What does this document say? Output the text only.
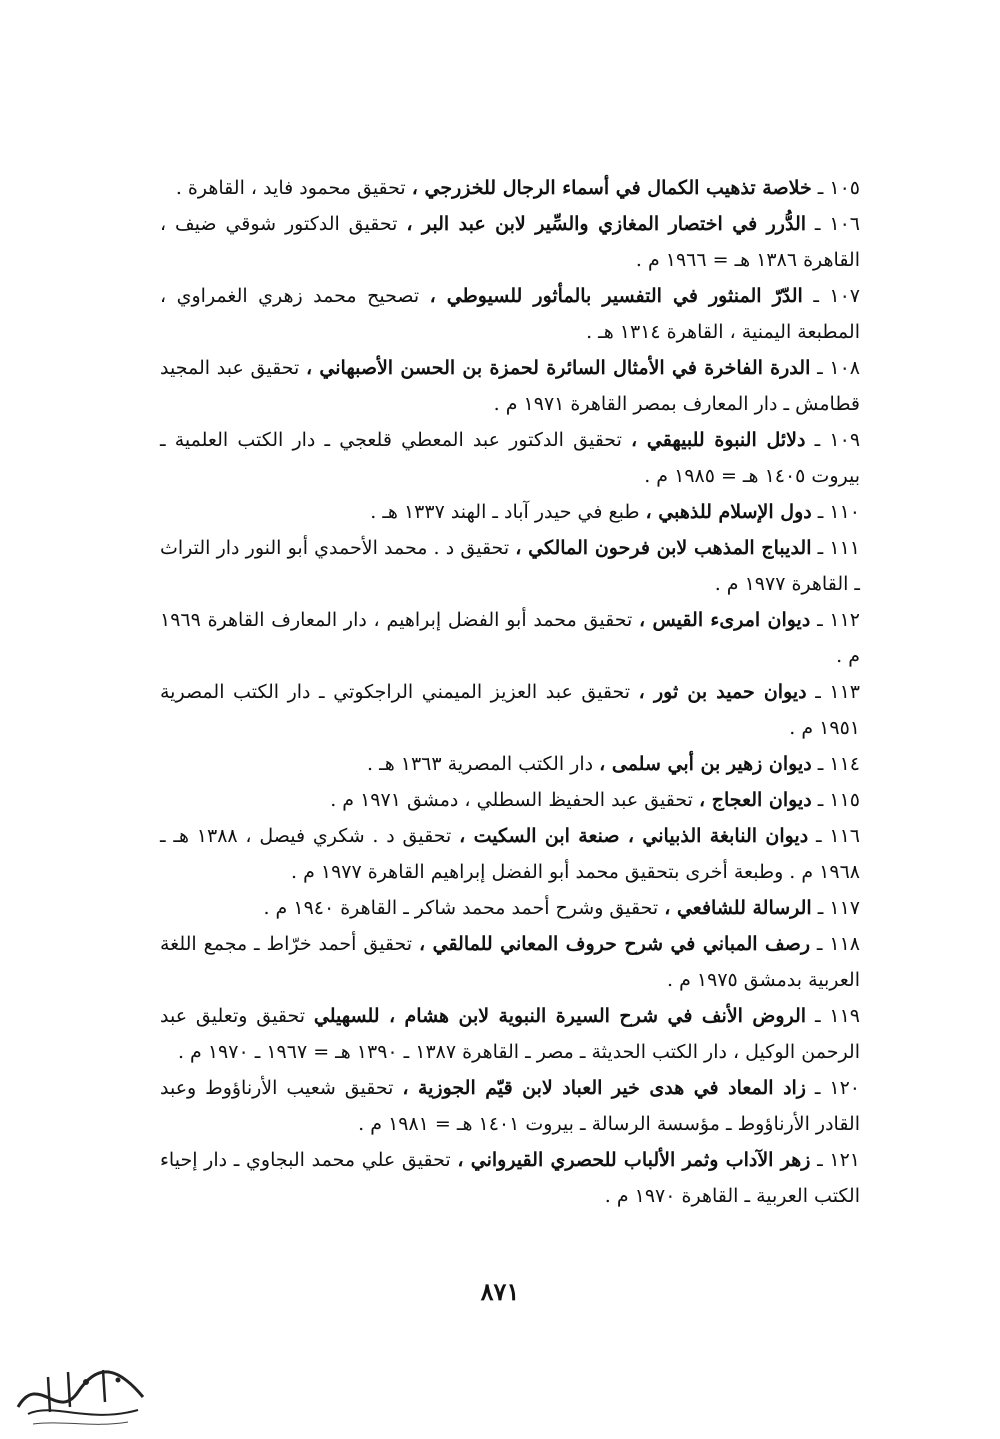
١٠٥ ـ خلاصة تذهيب الكمال في أسماء الرجال للخزرجي ، تحقيق محمود فايد ، القاهرة .

١٠٦ ـ الدُّرر في اختصار المغازي والسِّير لابن عبد البر ، تحقيق الدكتور شوقي ضيف ، القاهرة ١٣٨٦ هـ = ١٩٦٦ م .

١٠٧ ـ الدّرّ المنثور في التفسير بالمأثور للسيوطي ، تصحيح محمد زهري الغمراوي ، المطبعة اليمنية ، القاهرة ١٣١٤ هـ .

١٠٨ ـ الدرة الفاخرة في الأمثال السائرة لحمزة بن الحسن الأصبهاني ، تحقيق عبد المجيد قطامش ـ دار المعارف بمصر القاهرة ١٩٧١ م .

١٠٩ ـ دلائل النبوة للبيهقي ، تحقيق الدكتور عبد المعطي قلعجي ـ دار الكتب العلمية ـ بيروت ١٤٠٥ هـ = ١٩٨٥ م .

١١٠ ـ دول الإسلام للذهبي ، طبع في حيدر آباد ـ الهند ١٣٣٧ هـ .

١١١ ـ الديباج المذهب لابن فرحون المالكي ، تحقيق د . محمد الأحمدي أبو النور دار التراث ـ القاهرة ١٩٧٧ م .

١١٢ ـ ديوان امرىء القيس ، تحقيق محمد أبو الفضل إبراهيم ، دار المعارف القاهرة ١٩٦٩ م .

١١٣ ـ ديوان حميد بن ثور ، تحقيق عبد العزيز الميمني الراجكوتي ـ دار الكتب المصرية ١٩٥١ م .

١١٤ ـ ديوان زهير بن أبي سلمى ، دار الكتب المصرية ١٣٦٣ هـ .

١١٥ ـ ديوان العجاج ، تحقيق عبد الحفيظ السطلي ، دمشق ١٩٧١ م .

١١٦ ـ ديوان النابغة الذبياني ، صنعة ابن السكيت ، تحقيق د . شكري فيصل ، ١٣٨٨ هـ ـ ١٩٦٨ م . وطبعة أخرى بتحقيق محمد أبو الفضل إبراهيم القاهرة ١٩٧٧ م .

١١٧ ـ الرسالة للشافعي ، تحقيق وشرح أحمد محمد شاكر ـ القاهرة ١٩٤٠ م .

١١٨ ـ رصف المباني في شرح حروف المعاني للمالقي ، تحقيق أحمد خرّاط ـ مجمع اللغة العربية بدمشق ١٩٧٥ م .

١١٩ ـ الروض الأنف في شرح السيرة النبوية لابن هشام ، للسهيلي تحقيق وتعليق عبد الرحمن الوكيل ، دار الكتب الحديثة ـ مصر ـ القاهرة ١٣٨٧ ـ ١٣٩٠ هـ = ١٩٦٧ ـ ١٩٧٠ م .

١٢٠ ـ زاد المعاد في هدى خير العباد لابن قيّم الجوزية ، تحقيق شعيب الأرناؤوط وعبد القادر الأرناؤوط ـ مؤسسة الرسالة ـ بيروت ١٤٠١ هـ = ١٩٨١ م .

١٢١ ـ زهر الآداب وثمر الألباب للحصري القيرواني ، تحقيق علي محمد البجاوي ـ دار إحياء الكتب العربية ـ القاهرة ١٩٧٠ م .

٨٧١
